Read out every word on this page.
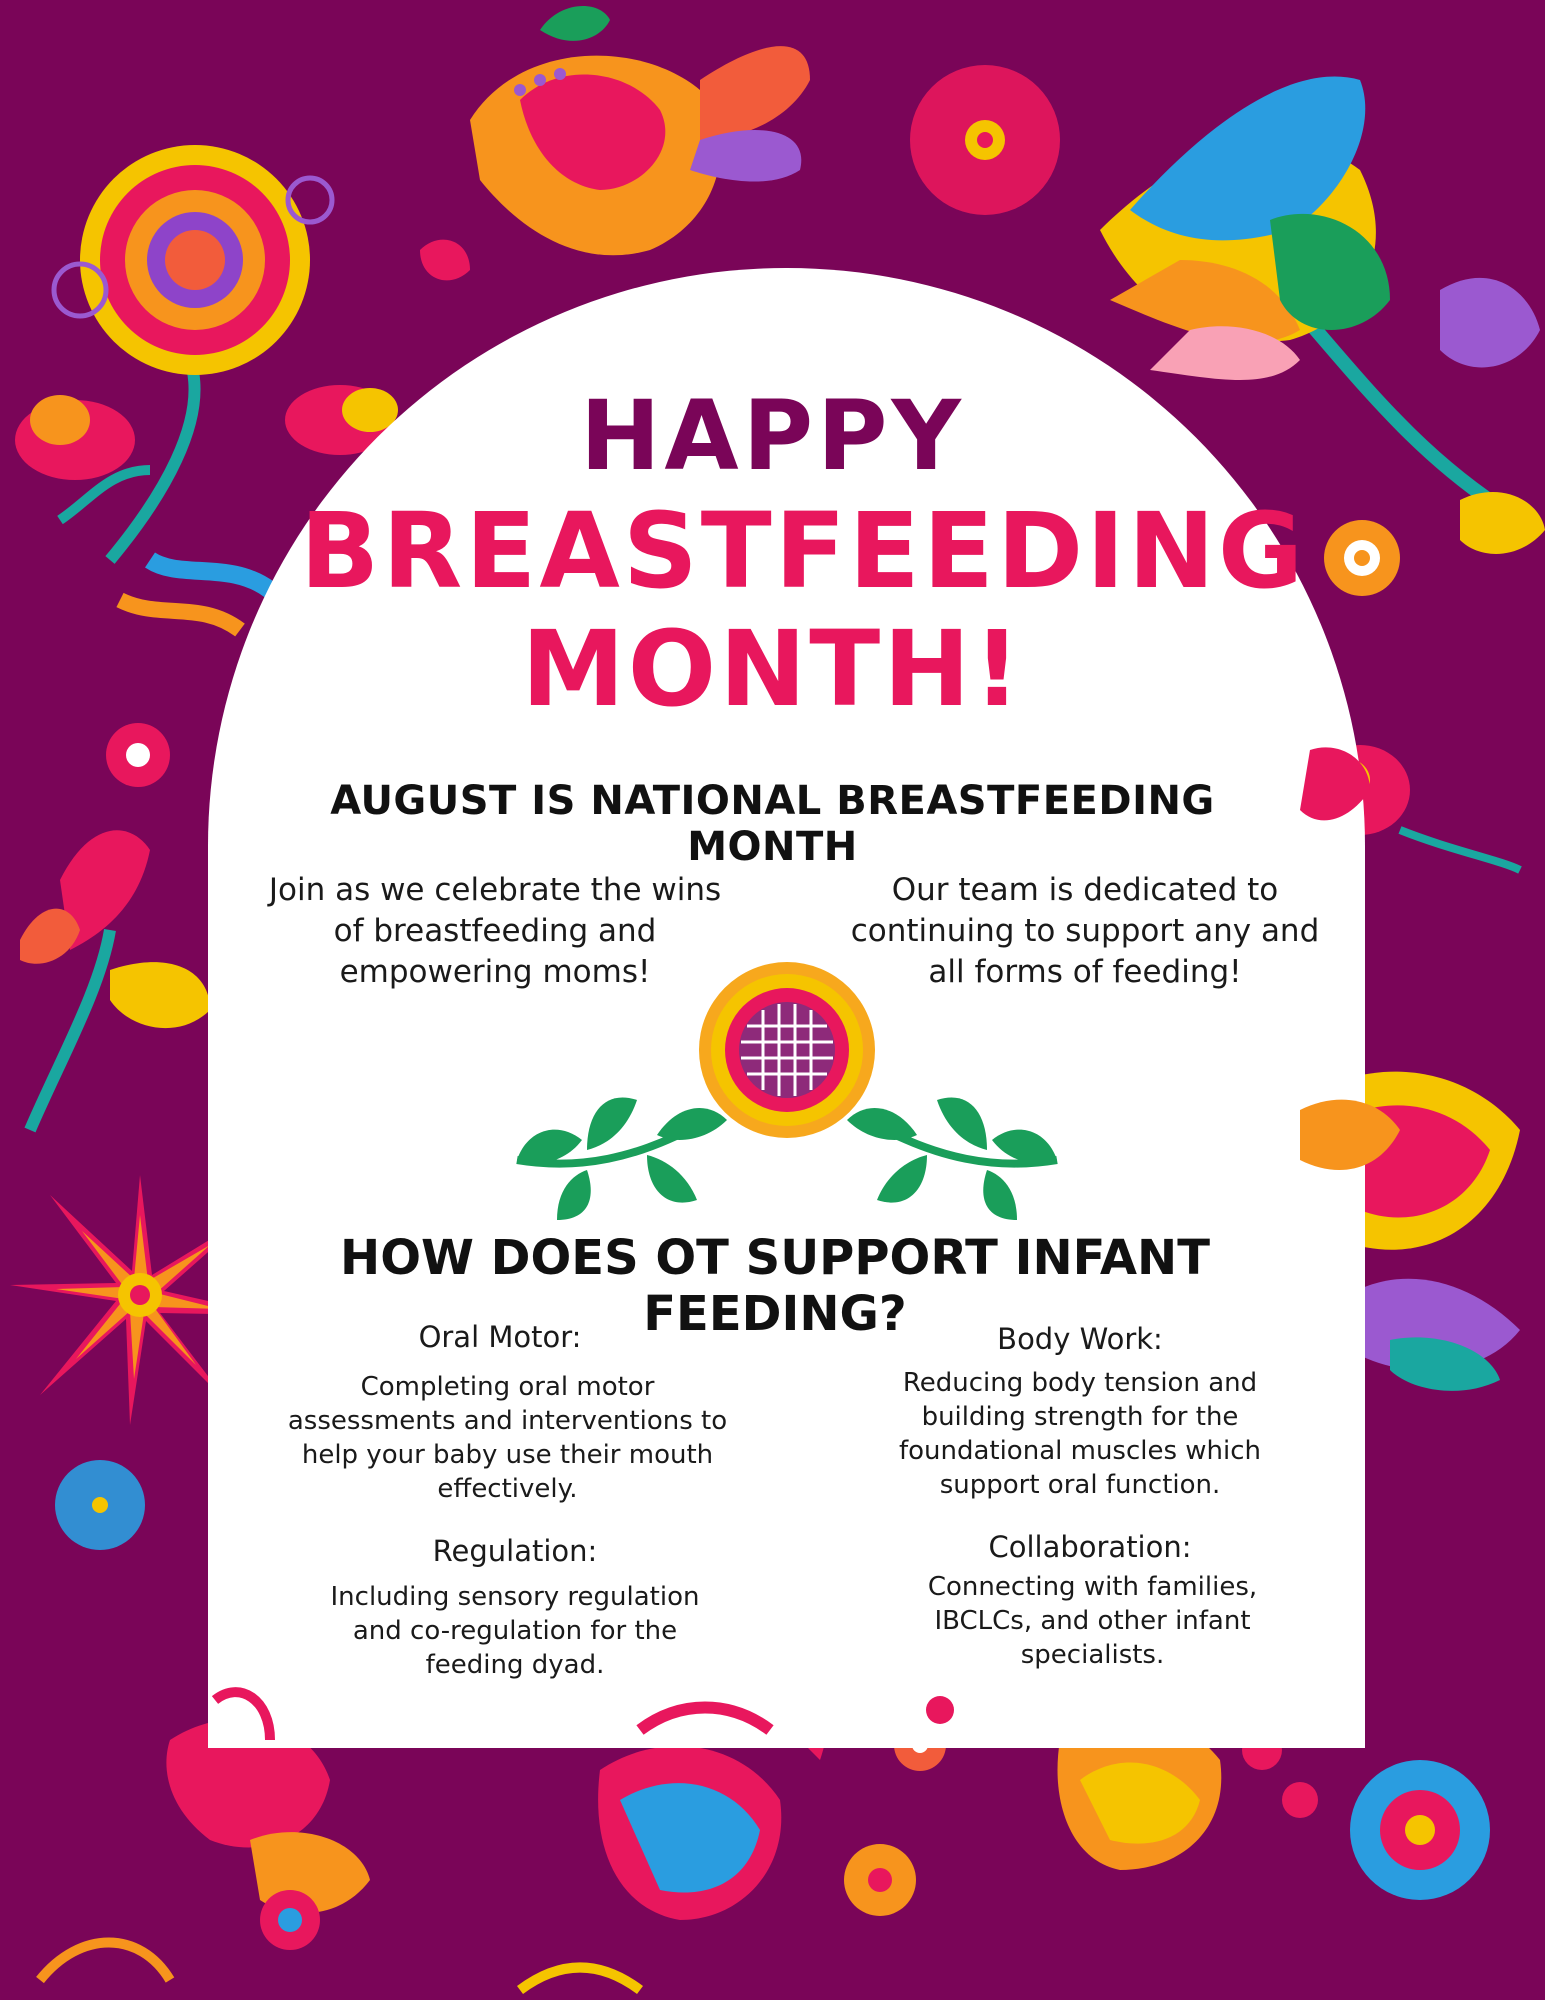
HAPPY
BREASTFEEDING
MONTH!
AUGUST IS NATIONAL BREASTFEEDING MONTH
Join as we celebrate the wins of breastfeeding and empowering moms!
Our team is dedicated to continuing to support any and all forms of feeding!
HOW DOES OT SUPPORT INFANT FEEDING?
Oral Motor:
Completing oral motor assessments and interventions to help your baby use their mouth effectively.
Body Work:
Reducing body tension and building strength for the foundational muscles which support oral function.
Regulation:
Including sensory regulation and co-regulation for the feeding dyad.
Collaboration:
Connecting with families, IBCLCs, and other infant specialists.
